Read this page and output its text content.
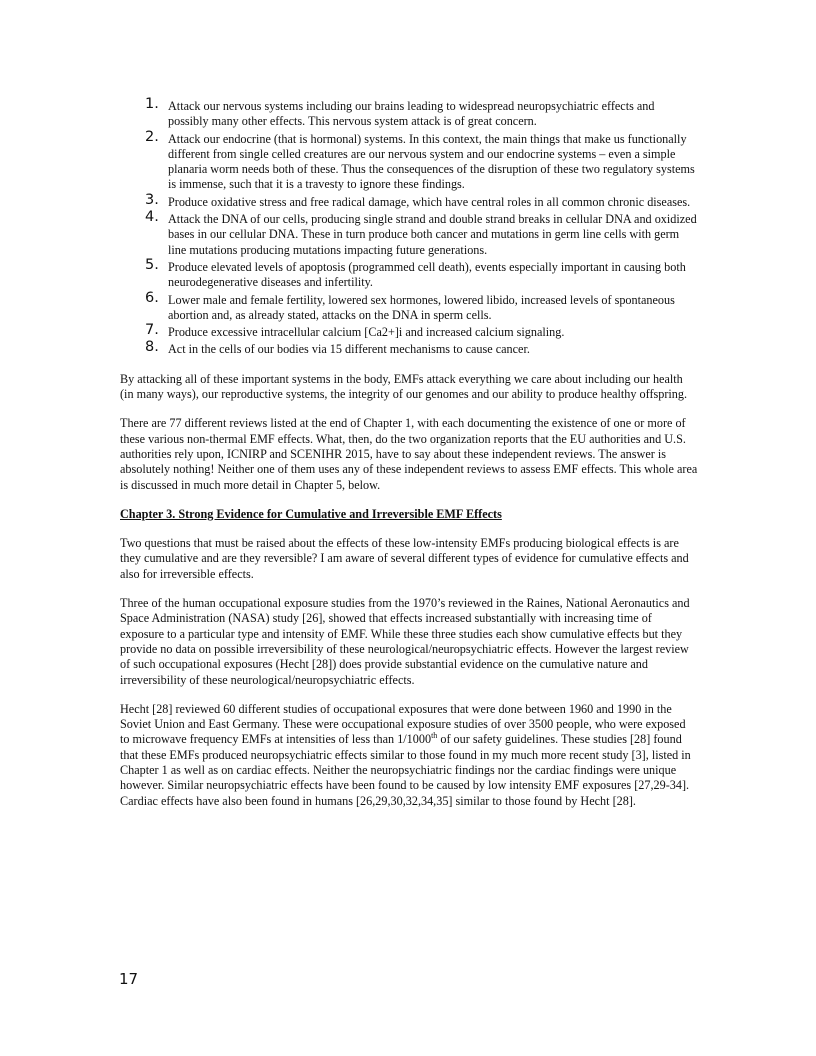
1. Attack our nervous systems including our brains leading to widespread neuropsychiatric effects and possibly many other effects. This nervous system attack is of great concern.
2. Attack our endocrine (that is hormonal) systems. In this context, the main things that make us functionally different from single celled creatures are our nervous system and our endocrine systems – even a simple planaria worm needs both of these. Thus the consequences of the disruption of these two regulatory systems is immense, such that it is a travesty to ignore these findings.
3. Produce oxidative stress and free radical damage, which have central roles in all common chronic diseases.
4. Attack the DNA of our cells, producing single strand and double strand breaks in cellular DNA and oxidized bases in our cellular DNA. These in turn produce both cancer and mutations in germ line cells with germ line mutations producing mutations impacting future generations.
5. Produce elevated levels of apoptosis (programmed cell death), events especially important in causing both neurodegenerative diseases and infertility.
6. Lower male and female fertility, lowered sex hormones, lowered libido, increased levels of spontaneous abortion and, as already stated, attacks on the DNA in sperm cells.
7. Produce excessive intracellular calcium [Ca2+]i and increased calcium signaling.
8. Act in the cells of our bodies via 15 different mechanisms to cause cancer.

By attacking all of these important systems in the body, EMFs attack everything we care about including our health (in many ways), our reproductive systems, the integrity of our genomes and our ability to produce healthy offspring.

There are 77 different reviews listed at the end of Chapter 1, with each documenting the existence of one or more of these various non-thermal EMF effects. What, then, do the two organization reports that the EU authorities and U.S. authorities rely upon, ICNIRP and SCENIHR 2015, have to say about these independent reviews. The answer is absolutely nothing! Neither one of them uses any of these independent reviews to assess EMF effects. This whole area is discussed in much more detail in Chapter 5, below.

Chapter 3. Strong Evidence for Cumulative and Irreversible EMF Effects

Two questions that must be raised about the effects of these low-intensity EMFs producing biological effects is are they cumulative and are they reversible? I am aware of several different types of evidence for cumulative effects and also for irreversible effects.

Three of the human occupational exposure studies from the 1970’s reviewed in the Raines, National Aeronautics and Space Administration (NASA) study [26], showed that effects increased substantially with increasing time of exposure to a particular type and intensity of EMF. While these three studies each show cumulative effects but they provide no data on possible irreversibility of these neurological/neuropsychiatric effects. However the largest review of such occupational exposures (Hecht [28]) does provide substantial evidence on the cumulative nature and irreversibility of these neurological/neuropsychiatric effects.

Hecht [28] reviewed 60 different studies of occupational exposures that were done between 1960 and 1990 in the Soviet Union and East Germany. These were occupational exposure studies of over 3500 people, who were exposed to microwave frequency EMFs at intensities of less than 1/1000th of our safety guidelines. These studies [28] found that these EMFs produced neuropsychiatric effects similar to those found in my much more recent study [3], listed in Chapter 1 as well as on cardiac effects. Neither the neuropsychiatric findings nor the cardiac findings were unique however. Similar neuropsychiatric effects have been found to be caused by low intensity EMF exposures [27,29-34]. Cardiac effects have also been found in humans [26,29,30,32,34,35] similar to those found by Hecht [28].

17
